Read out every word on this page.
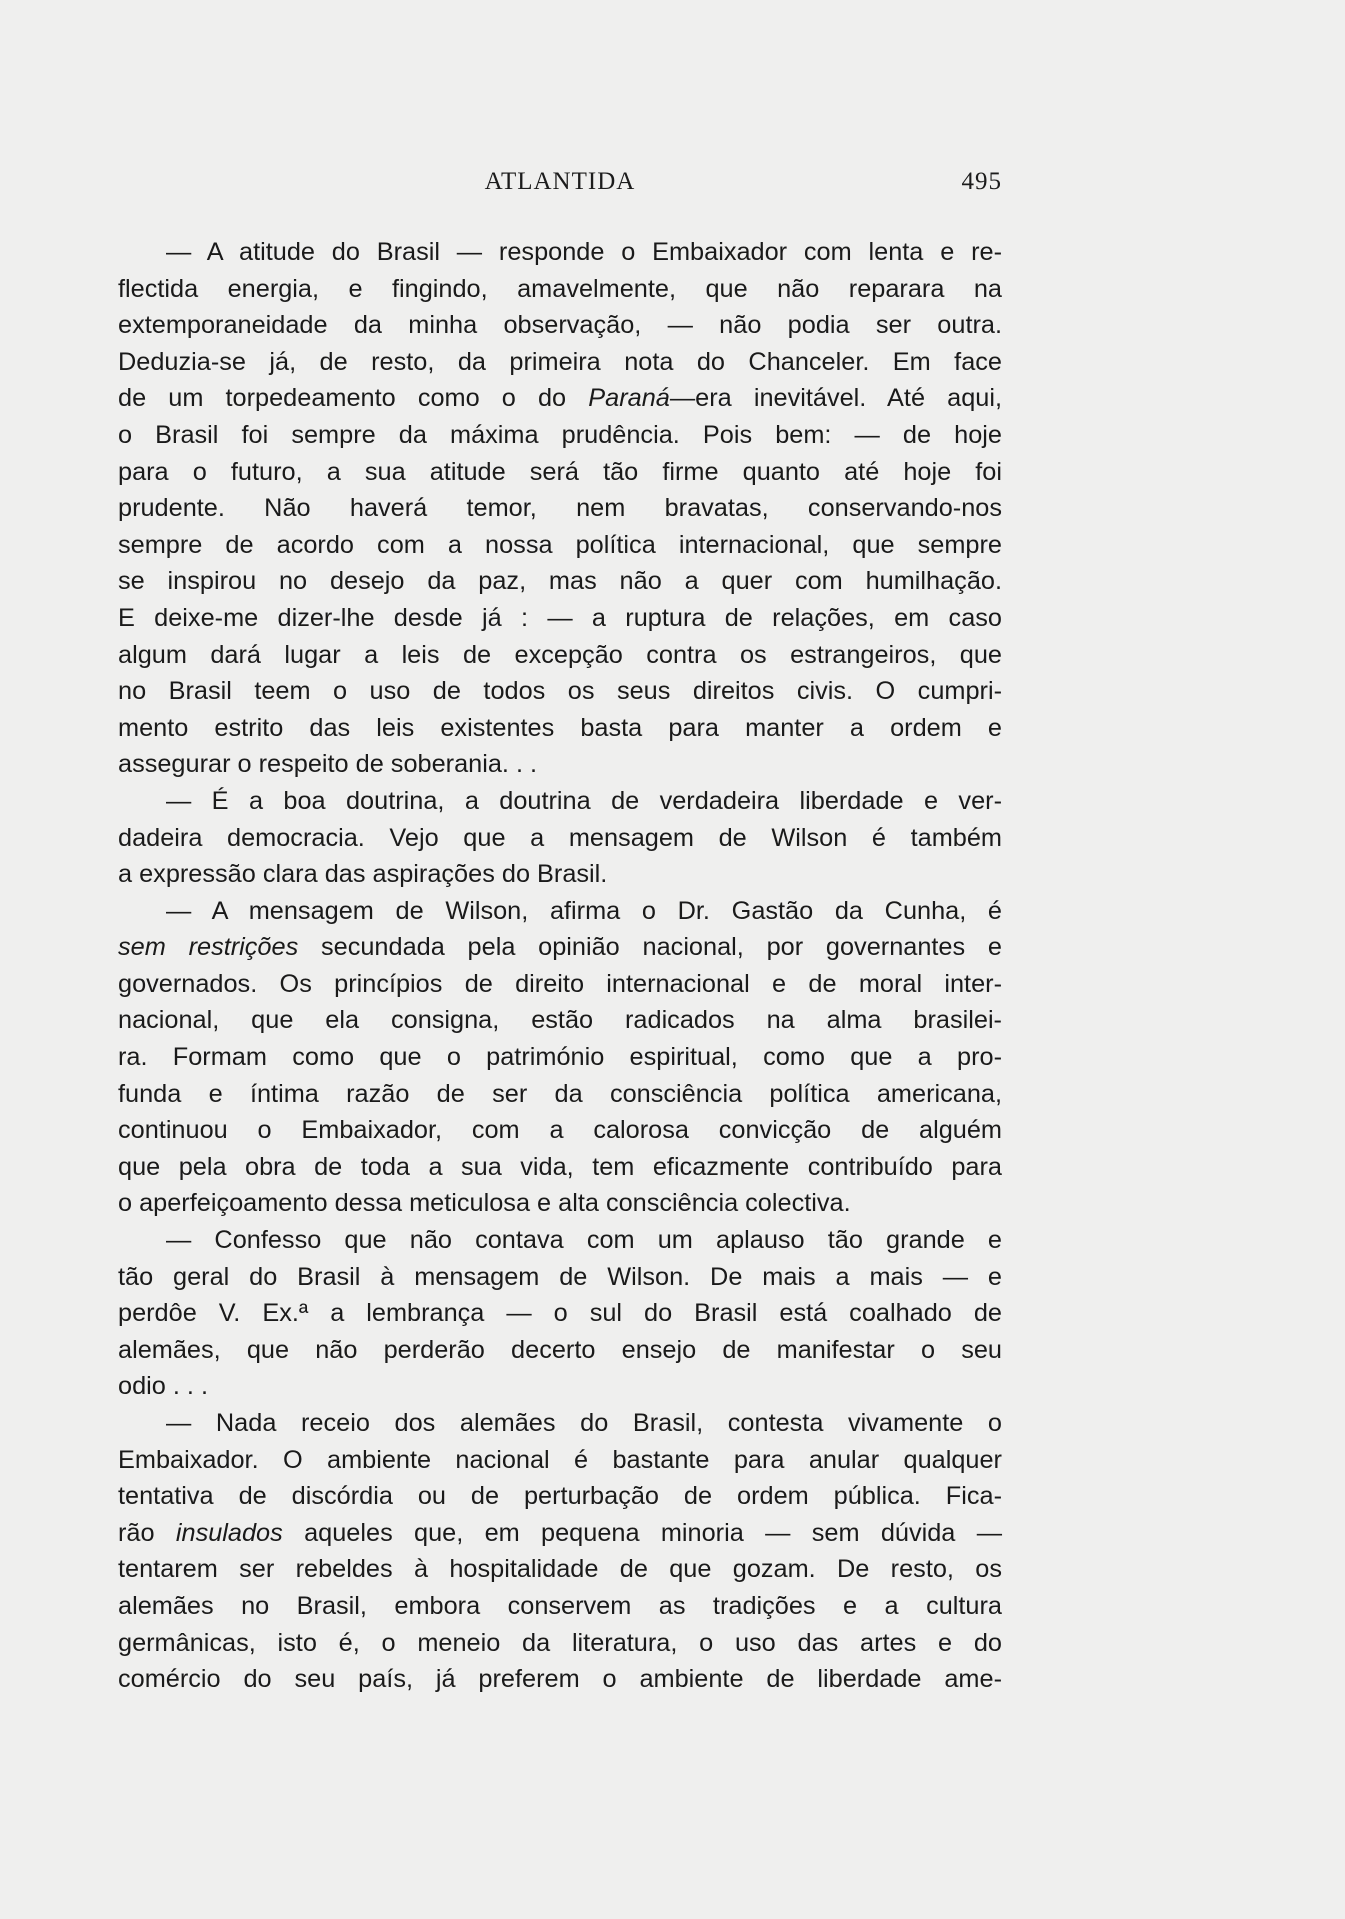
ATLANTIDA	495
— A atitude do Brasil — responde o Embaixador com lenta e re-
flectida energia, e fingindo, amavelmente, que não reparara na
extemporaneidade da minha observação, — não podia ser outra.
Deduzia-se já, de resto, da primeira nota do Chanceler. Em face
de um torpedeamento como o do Paraná—era inevitável. Até aqui,
o Brasil foi sempre da máxima prudência. Pois bem: — de hoje
para o futuro, a sua atitude será tão firme quanto até hoje foi
prudente. Não haverá temor, nem bravatas, conservando-nos
sempre de acordo com a nossa política internacional, que sempre
se inspirou no desejo da paz, mas não a quer com humilhação.
E deixe-me dizer-lhe desde já : — a ruptura de relações, em caso
algum dará lugar a leis de excepção contra os estrangeiros, que
no Brasil teem o uso de todos os seus direitos civis. O cumpri-
mento estrito das leis existentes basta para manter a ordem e
assegurar o respeito de soberania. . .
— É a boa doutrina, a doutrina de verdadeira liberdade e ver-
dadeira democracia. Vejo que a mensagem de Wilson é também
a expressão clara das aspirações do Brasil.
— A mensagem de Wilson, afirma o Dr. Gastão da Cunha, é
sem restrições secundada pela opinião nacional, por governantes e
governados. Os princípios de direito internacional e de moral inter-
nacional, que ela consigna, estão radicados na alma brasilei-
ra. Formam como que o património espiritual, como que a pro-
funda e íntima razão de ser da consciência política americana,
continuou o Embaixador, com a calorosa convicção de alguém
que pela obra de toda a sua vida, tem eficazmente contribuído para
o aperfeiçoamento dessa meticulosa e alta consciência colectiva.
— Confesso que não contava com um aplauso tão grande e
tão geral do Brasil à mensagem de Wilson. De mais a mais — e
perdôe V. Ex.ª a lembrança — o sul do Brasil está coalhado de
alemães, que não perderão decerto ensejo de manifestar o seu
odio . . .
— Nada receio dos alemães do Brasil, contesta vivamente o
Embaixador. O ambiente nacional é bastante para anular qualquer
tentativa de discórdia ou de perturbação de ordem pública. Fica-
rão insulados aqueles que, em pequena minoria — sem dúvida —
tentarem ser rebeldes à hospitalidade de que gozam. De resto, os
alemães no Brasil, embora conservem as tradições e a cultura
germânicas, isto é, o meneio da literatura, o uso das artes e do
comércio do seu país, já preferem o ambiente de liberdade ame-
